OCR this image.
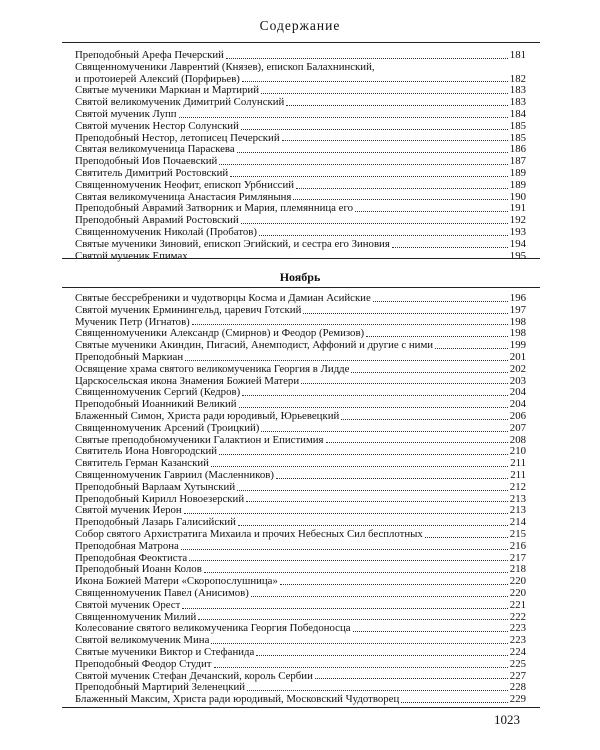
Содержание
Преподобный Арефа Печерский	181
Священномученики Лаврентий (Князев), епископ Балахнинский,
и протоиерей Алексий (Порфирьев)	182
Святые мученики Маркиан и Мартирий	183
Святой великомученик Димитрий Солунский	183
Святой мученик Лупп	184
Святой мученик Нестор Солунский	185
Преподобный Нестор, летописец Печерский	185
Святая великомученица Параскева	186
Преподобный Иов Почаевский	187
Святитель Димитрий Ростовский	189
Священномученик Неофит, епископ Урбниссий	189
Святая великомученица Анастасия Римляныня	190
Преподобный Аврамий Затворник и Мария, племянница его	191
Преподобный Аврамий Ростовский	192
Священномученик Николай (Пробатов)	193
Святые мученики Зиновий, епископ Эгийский, и сестра его Зиновия	194
Святой мученик Епимах	195
Ноябрь
Святые бессребреники и чудотворцы Косма и Дамиан Асийские	196
Святой мученик Ерминингельд, царевич Готский	197
Мученик Петр (Игнатов)	198
Священномученики Александр (Смирнов) и Феодор (Ремизов)	198
Святые мученики Акиндин, Пигасий, Анемподист, Аффоний и другие с ними	199
Преподобный Маркиан	201
Освящение храма святого великомученика Георгия в Лидде	202
Царскосельская икона Знамения Божией Матери	203
Священномученик Сергий (Кедров)	204
Преподобный Иоанникий Великий	204
Блаженный Симон, Христа ради юродивый, Юрьевецкий	206
Священномученик Арсений (Троицкий)	207
Святые преподобномученики Галактион и Епистимия	208
Святитель Иона Новгородский	210
Святитель Герман Казанский	211
Священномученик Гавриил (Масленников)	211
Преподобный Варлаам Хутынский	212
Преподобный Кирилл Новоезерский	213
Святой мученик Иерон	213
Преподобный Лазарь Галисийский	214
Собор святого Архистратига Михаила и прочих Небесных Сил бесплотных	215
Преподобная Матрона	216
Преподобная Феоктиста	217
Преподобный Иоанн Колов	218
Икона Божией Матери «Скоропослушница»	220
Священномученик Павел (Анисимов)	220
Святой мученик Орест	221
Священномученик Милий	222
Колесование святого великомученика Георгия Победоносца	223
Святой великомученик Мина	223
Святые мученики Виктор и Стефанида	224
Преподобный Феодор Студит	225
Святой мученик Стефан Дечанский, король Сербии	227
Преподобный Мартирий Зеленецкий	228
Блаженный Максим, Христа ради юродивый, Московский Чудотворец	229
1023
